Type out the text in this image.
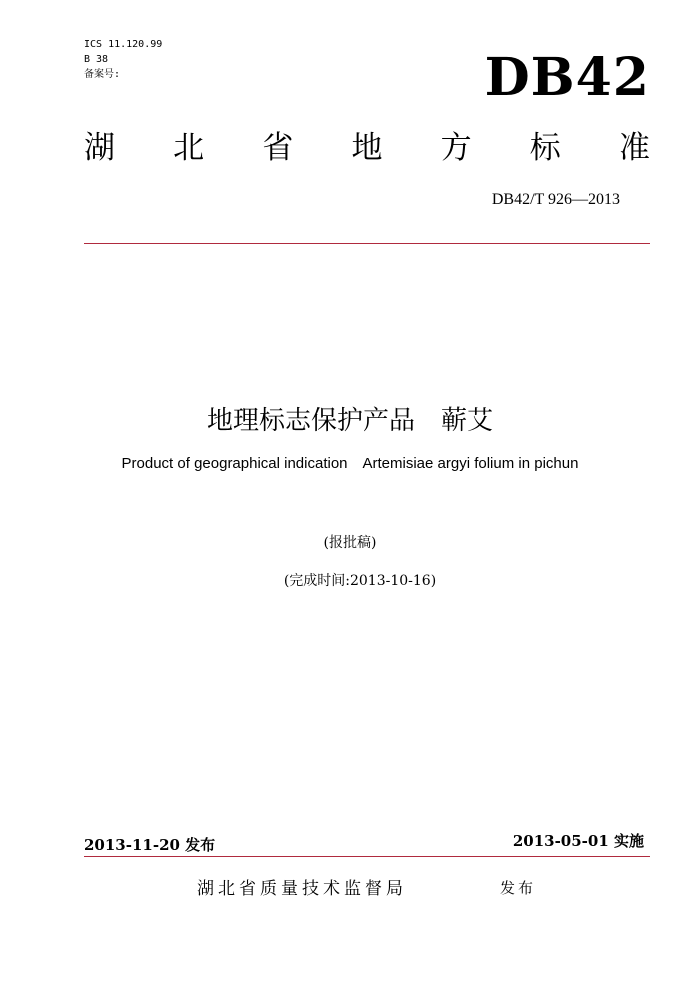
ICS 11.120.99
B 38
备案号:	DB42
湖 北 省 地 方 标 准
DB42/T 926—2013
地理标志保护产品　蕲艾
Product of geographical indication　Artemisiae argyi folium in pichun
(报批稿)
(完成时间:2013-10-16)
2013-11-20 发布	2013-05-01 实施
湖北省质量技术监督局	发布
